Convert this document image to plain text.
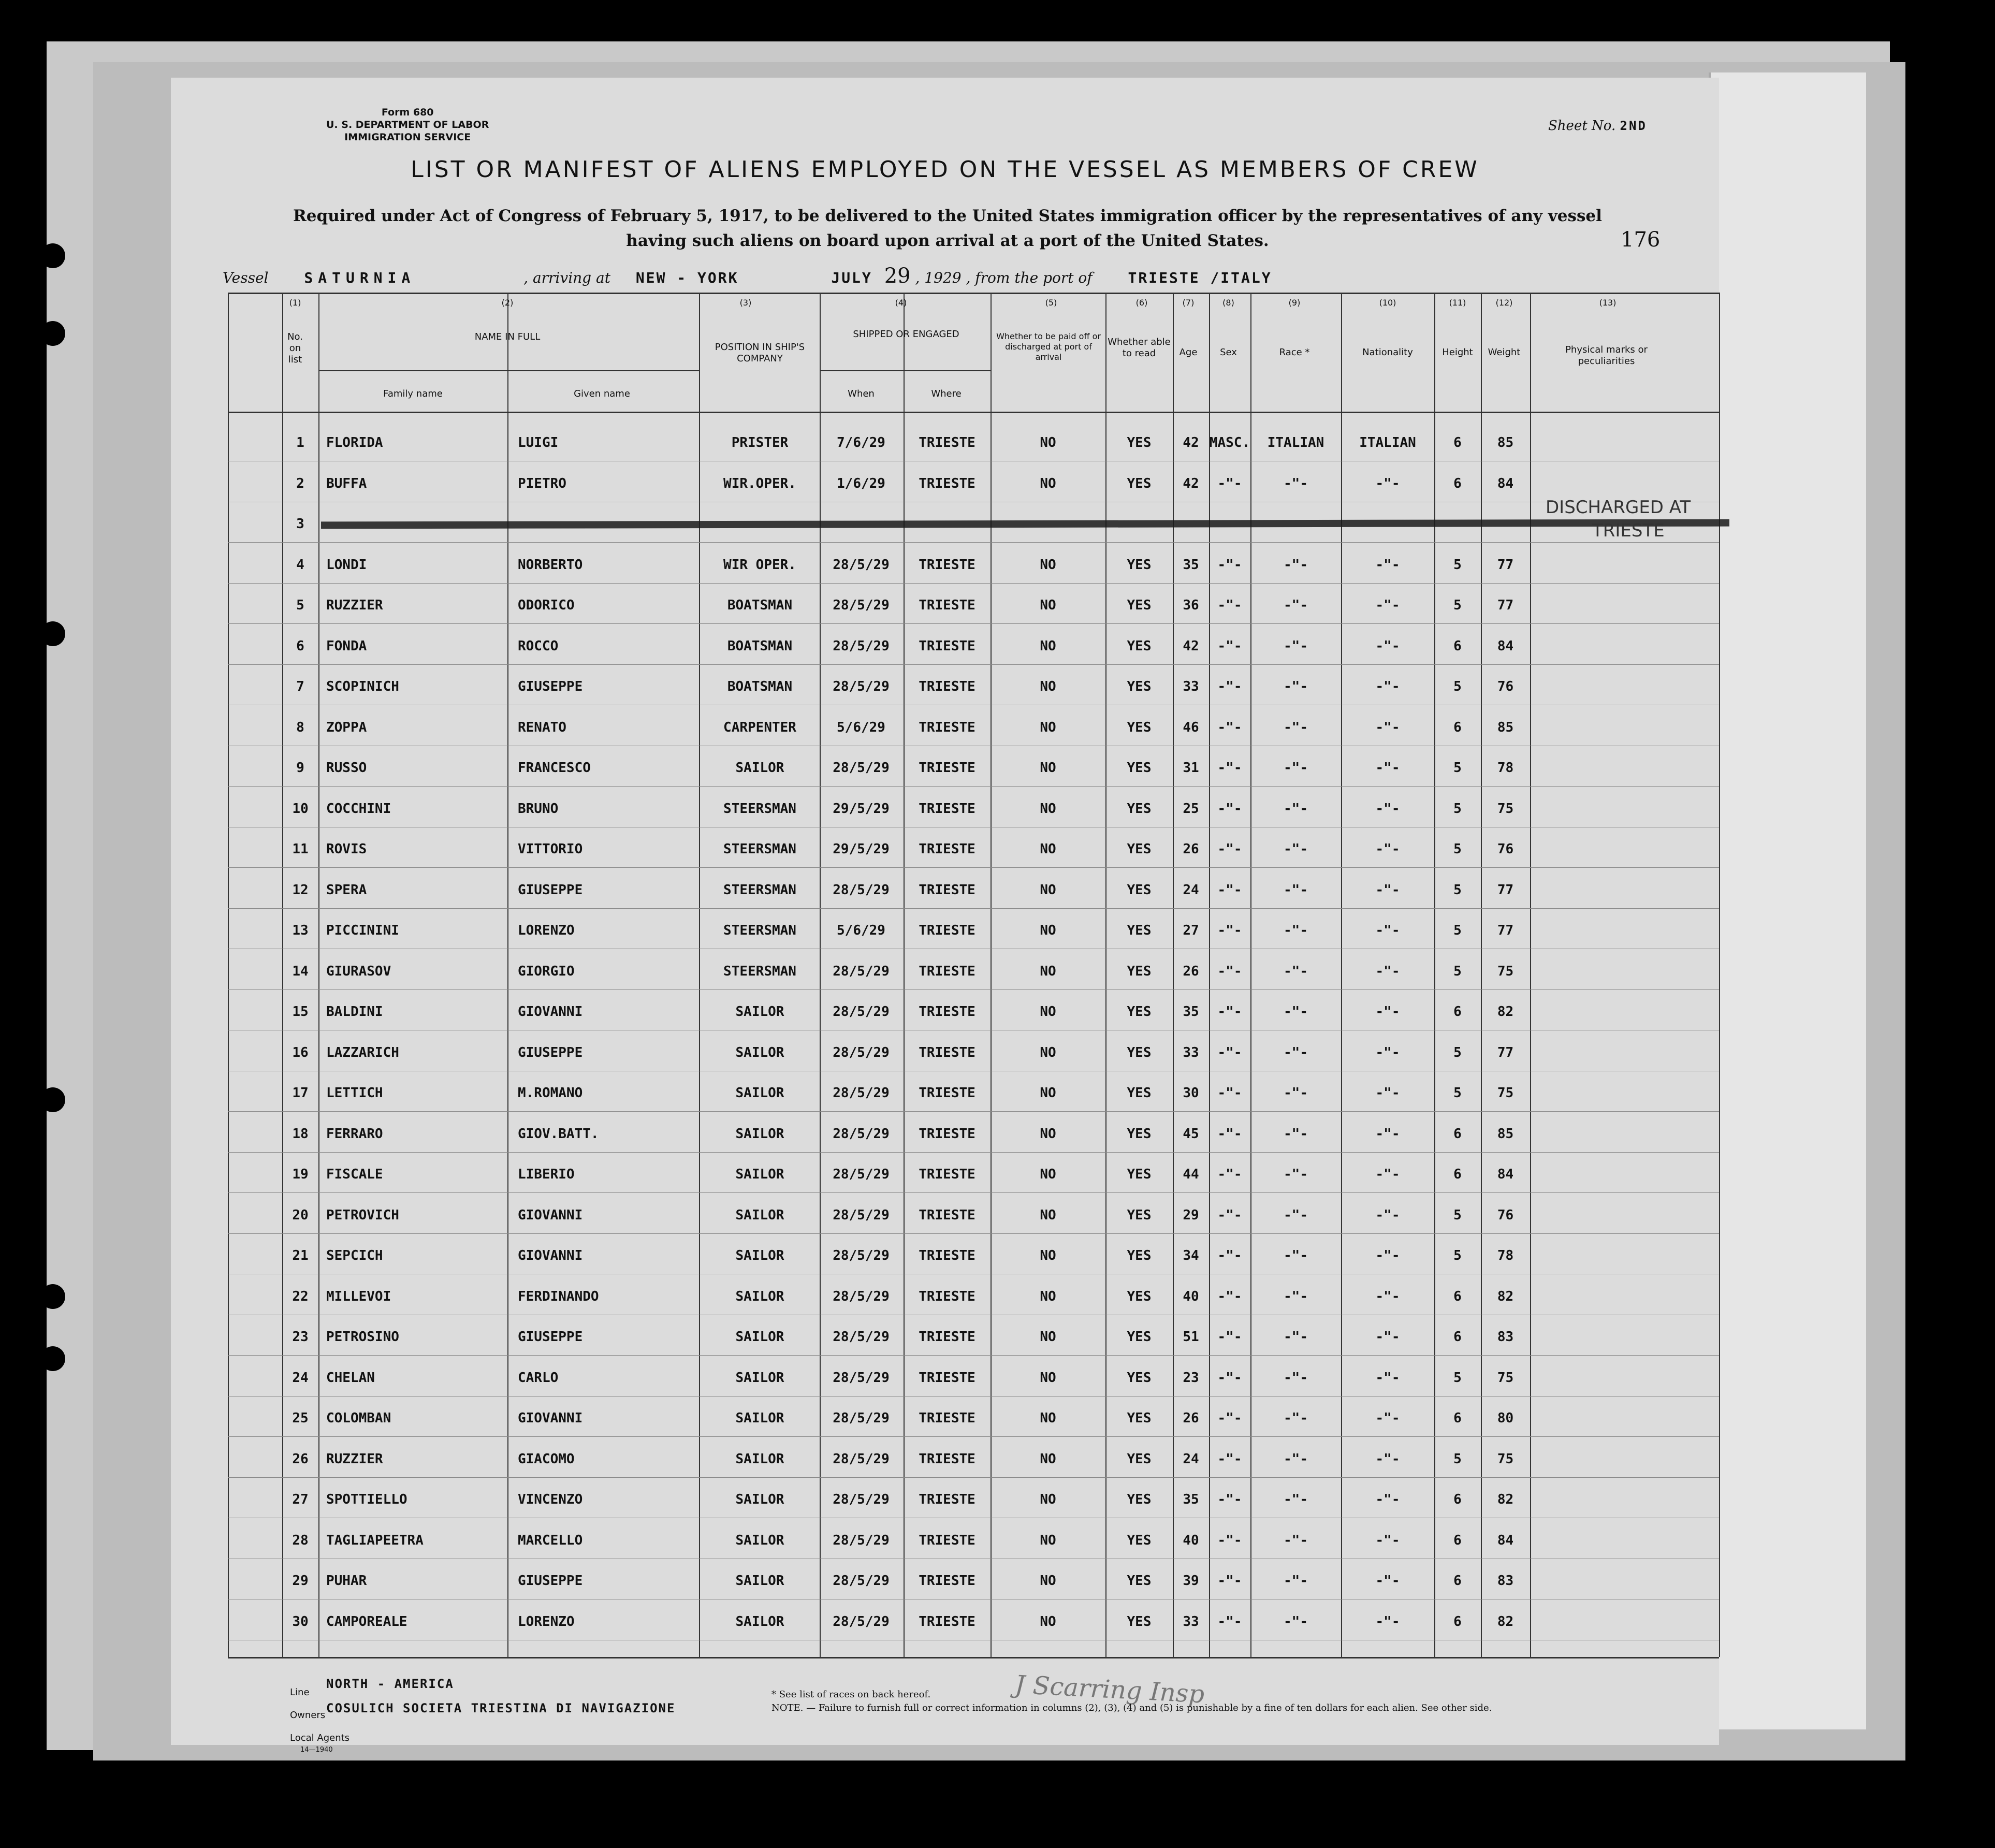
Form 680
U. S. DEPARTMENT OF LABOR
IMMIGRATION SERVICE
Sheet No. 2ND
LIST OR MANIFEST OF ALIENS EMPLOYED ON THE VESSEL AS MEMBERS OF CREW
Required under Act of Congress of February 5, 1917, to be delivered to the United States immigration officer by the representatives of any vessel having such aliens on board upon arrival at a port of the United States.	176
Vessel SATURNIA	, arriving at NEW - YORK	JULY 29 , 1929 , from the port of TRIESTE /ITALY
(1)
No. on list
(2)
NAME IN FULL
Family name	Given name
(3)
POSITION IN SHIP'S COMPANY
(4)
SHIPPED OR ENGAGED
When	Where
(5)
Whether to be paid off or discharged at port of arrival
(6)
Whether able to read
(7)
Age
(8)
Sex
(9)
Race *
(10)
Nationality
(11)
Height
(12)
Weight
(13)
Physical marks or peculiarities
1	FLORIDA	LUIGI	PRISTER	7/6/29	TRIESTE	NO	YES	42 MASC.	ITALIAN	ITALIAN	6	85
2	BUFFA	PIETRO	WIR.OPER.	1/6/29	TRIESTE	NO	YES	42	-"-	-"-	-"-	6	84
3
4	LONDI	NORBERTO	WIR OPER.	28/5/29	TRIESTE	NO	YES	35	-"-	-"-	-"-	5	77
5	RUZZIER	ODORICO	BOATSMAN	28/5/29	TRIESTE	NO	YES	36	-"-	-"-	-"-	5	77
6	FONDA	ROCCO	BOATSMAN	28/5/29	TRIESTE	NO	YES	42	-"-	-"-	-"-	6	84
7	SCOPINICH	GIUSEPPE	BOATSMAN	28/5/29	TRIESTE	NO	YES	33	-"-	-"-	-"-	5	76
8	ZOPPA	RENATO	CARPENTER	5/6/29	TRIESTE	NO	YES	46	-"-	-"-	-"-	6	85
9	RUSSO	FRANCESCO	SAILOR	28/5/29	TRIESTE	NO	YES	31	-"-	-"-	-"-	5	78
10	COCCHINI	BRUNO	STEERSMAN	29/5/29	TRIESTE	NO	YES	25	-"-	-"-	-"-	5	75
11	ROVIS	VITTORIO	STEERSMAN	29/5/29	TRIESTE	NO	YES	26	-"-	-"-	-"-	5	76
12	SPERA	GIUSEPPE	STEERSMAN	28/5/29	TRIESTE	NO	YES	24	-"-	-"-	-"-	5	77
13	PICCININI	LORENZO	STEERSMAN	5/6/29	TRIESTE	NO	YES	27	-"-	-"-	-"-	5	77
14	GIURASOV	GIORGIO	STEERSMAN	28/5/29	TRIESTE	NO	YES	26	-"-	-"-	-"-	5	75
15	BALDINI	GIOVANNI	SAILOR	28/5/29	TRIESTE	NO	YES	35	-"-	-"-	-"-	6	82
16	LAZZARICH	GIUSEPPE	SAILOR	28/5/29	TRIESTE	NO	YES	33	-"-	-"-	-"-	5	77
17	LETTICH	M.ROMANO	SAILOR	28/5/29	TRIESTE	NO	YES	30	-"-	-"-	-"-	5	75
18	FERRARO	GIOV.BATT.	SAILOR	28/5/29	TRIESTE	NO	YES	45	-"-	-"-	-"-	6	85
19	FISCALE	LIBERIO	SAILOR	28/5/29	TRIESTE	NO	YES	44	-"-	-"-	-"-	6	84
20	PETROVICH	GIOVANNI	SAILOR	28/5/29	TRIESTE	NO	YES	29	-"-	-"-	-"-	5	76
21	SEPCICH	GIOVANNI	SAILOR	28/5/29	TRIESTE	NO	YES	34	-"-	-"-	-"-	5	78
22	MILLEVOI	FERDINANDO	SAILOR	28/5/29	TRIESTE	NO	YES	40	-"-	-"-	-"-	6	82
23	PETROSINO	GIUSEPPE	SAILOR	28/5/29	TRIESTE	NO	YES	51	-"-	-"-	-"-	6	83
24	CHELAN	CARLO	SAILOR	28/5/29	TRIESTE	NO	YES	23	-"-	-"-	-"-	5	75
25	COLOMBAN	GIOVANNI	SAILOR	28/5/29	TRIESTE	NO	YES	26	-"-	-"-	-"-	6	80
26	RUZZIER	GIACOMO	SAILOR	28/5/29	TRIESTE	NO	YES	24	-"-	-"-	-"-	5	75
27	SPOTTIELLO	VINCENZO	SAILOR	28/5/29	TRIESTE	NO	YES	35	-"-	-"-	-"-	6	82
28	TAGLIAPEETRA	MARCELLO	SAILOR	28/5/29	TRIESTE	NO	YES	40	-"-	-"-	-"-	6	84
29	PUHAR	GIUSEPPE	SAILOR	28/5/29	TRIESTE	NO	YES	39	-"-	-"-	-"-	6	83
30	CAMPOREALE	LORENZO	SAILOR	28/5/29	TRIESTE	NO	YES	33	-"-	-"-	-"-	6	82
DISCHARGED AT
TRIESTE
Line
NORTH - AMERICA
Owners COSULICH SOCIETA TRIESTINA DI NAVIGAZIONE
Local Agents
14—1940
J Scarring Insp
* See list of races on back hereof.
NOTE. — Failure to furnish full or correct information in columns (2), (3), (4) and (5) is punishable by a fine of ten dollars for each alien. See other side.
